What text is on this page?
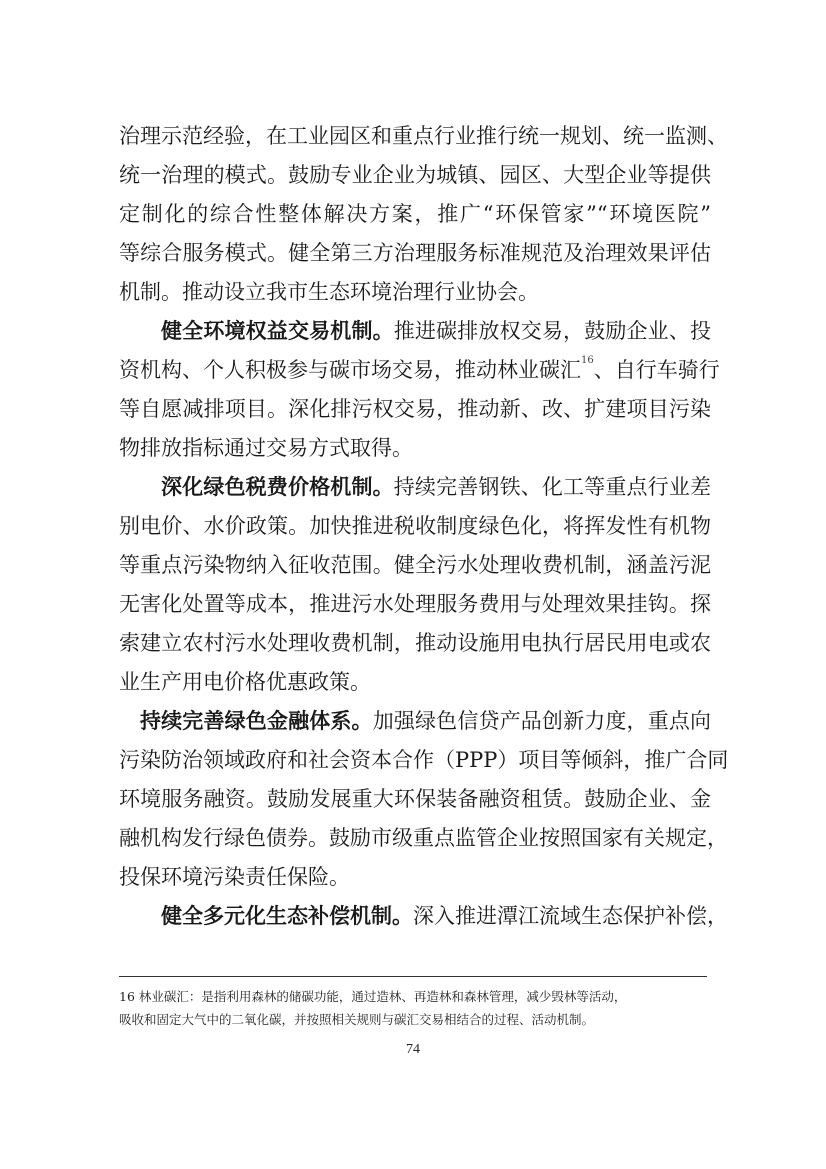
治理示范经验，在工业园区和重点行业推行统一规划、统一监测、
统一治理的模式。鼓励专业企业为城镇、园区、大型企业等提供
定制化的综合性整体解决方案，推广“环保管家”“环境医院”
等综合服务模式。健全第三方治理服务标准规范及治理效果评估
机制。推动设立我市生态环境治理行业协会。
健全环境权益交易机制。推进碳排放权交易，鼓励企业、投
资机构、个人积极参与碳市场交易，推动林业碳汇$^{16}$、自行车骑行
等自愿减排项目。深化排污权交易，推动新、改、扩建项目污染
物排放指标通过交易方式取得。
深化绿色税费价格机制。持续完善钢铁、化工等重点行业差
别电价、水价政策。加快推进税收制度绿色化，将挥发性有机物
等重点污染物纳入征收范围。健全污水处理收费机制，涵盖污泥
无害化处置等成本，推进污水处理服务费用与处理效果挂钩。探
索建立农村污水处理收费机制，推动设施用电执行居民用电或农
业生产用电价格优惠政策。
持续完善绿色金融体系。加强绿色信贷产品创新力度，重点向
污染防治领域政府和社会资本合作（PPP）项目等倾斜，推广合同
环境服务融资。鼓励发展重大环保装备融资租赁。鼓励企业、金
融机构发行绿色债券。鼓励市级重点监管企业按照国家有关规定，
投保环境污染责任保险。
健全多元化生态补偿机制。深入推进潭江流域生态保护补偿，
16 林业碳汇：是指利用森林的储碳功能，通过造林、再造林和森林管理，减少毁林等活动，
吸收和固定大气中的二氧化碳，并按照相关规则与碳汇交易相结合的过程、活动机制。
74
